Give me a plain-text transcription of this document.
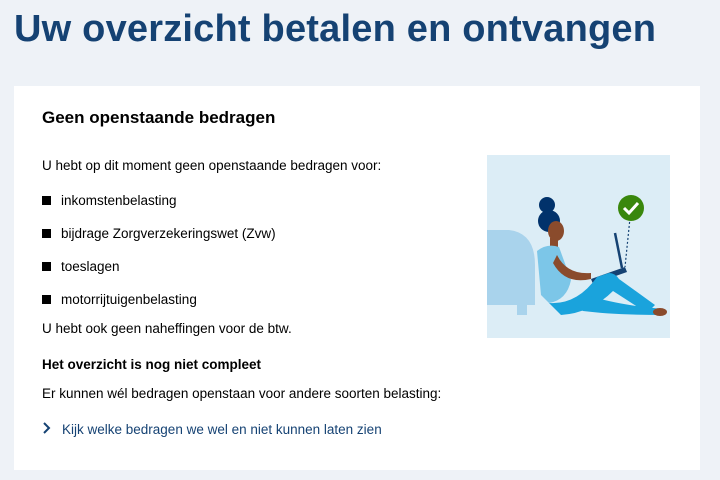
Uw overzicht betalen en ontvangen
Geen openstaande bedragen

U hebt op dit moment geen openstaande bedragen voor:

inkomstenbelasting
bijdrage Zorgverzekeringswet (Zvw)
toeslagen
motorrijtuigenbelasting

U hebt ook geen naheffingen voor de btw.

Het overzicht is nog niet compleet

Er kunnen wél bedragen openstaan voor andere soorten belasting:

Kijk welke bedragen we wel en niet kunnen laten zien
